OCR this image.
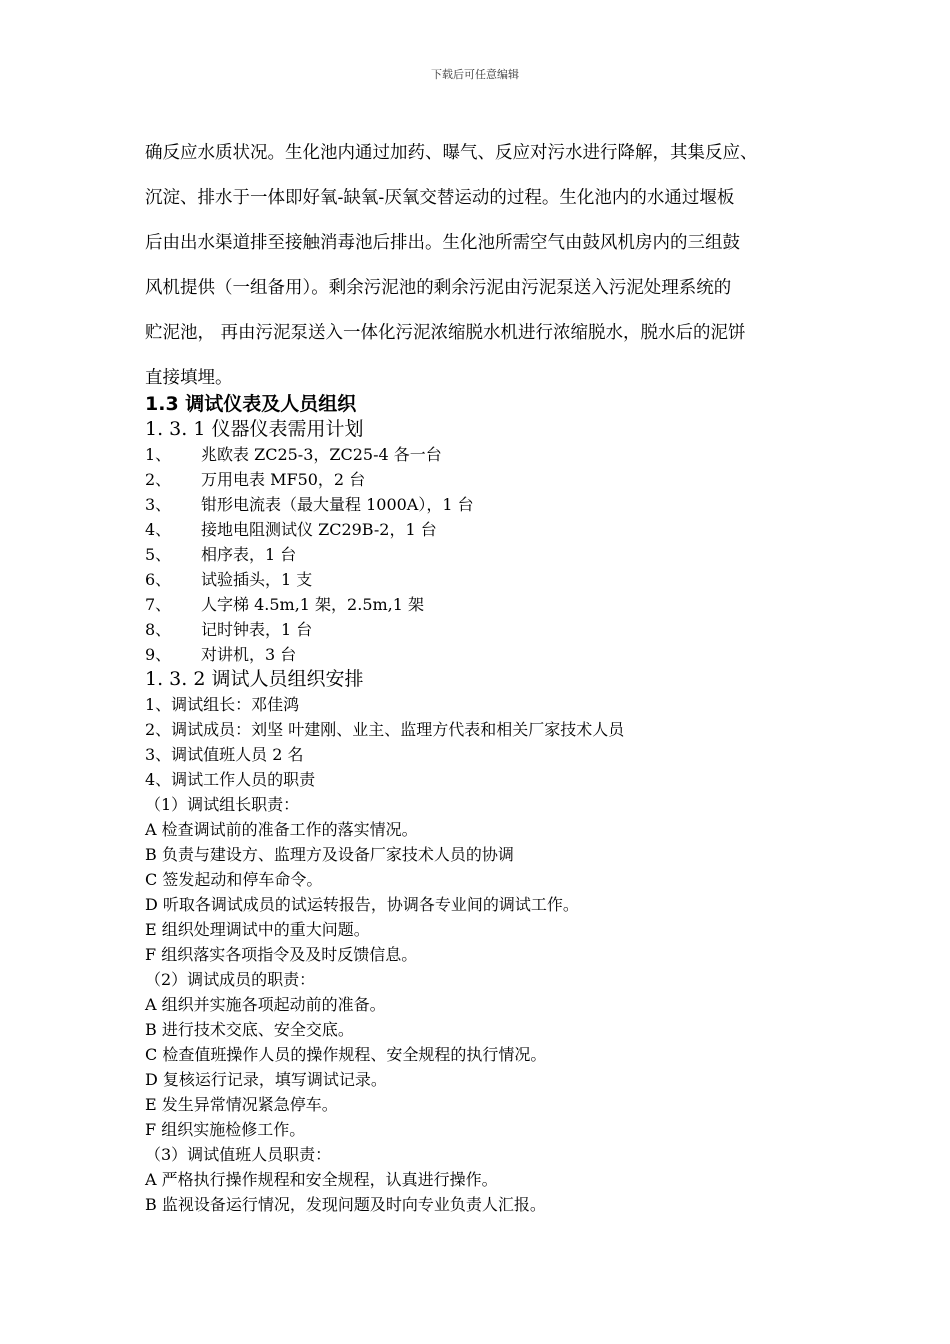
下载后可任意编辑
确反应水质状况。生化池内通过加药、曝气、反应对污水进行降解，其集反应、
沉淀、排水于一体即好氧-缺氧-厌氧交替运动的过程。生化池内的水通过堰板
后由出水渠道排至接触消毒池后排出。生化池所需空气由鼓风机房内的三组鼓
风机提供（一组备用）。剩余污泥池的剩余污泥由污泥泵送入污泥处理系统的
贮泥池， 再由污泥泵送入一体化污泥浓缩脱水机进行浓缩脱水，脱水后的泥饼
直接填埋。
1.3 调试仪表及人员组织
1. 3. 1 仪器仪表需用计划
1、 兆欧表 ZC25-3，ZC25-4 各一台
2、 万用电表 MF50，2 台
3、 钳形电流表（最大量程 1000A），1 台
4、 接地电阻测试仪 ZC29B-2，1 台
5、 相序表，1 台
6、 试验插头，1 支
7、 人字梯 4.5m,1 架，2.5m,1 架
8、 记时钟表，1 台
9、 对讲机，3 台
1. 3. 2 调试人员组织安排
1、调试组长：邓佳鸿
2、调试成员：刘坚 叶建刚、业主、监理方代表和相关厂家技术人员
3、调试值班人员 2 名
4、调试工作人员的职责
（1）调试组长职责：
A 检查调试前的准备工作的落实情况。
B 负责与建设方、监理方及设备厂家技术人员的协调
C 签发起动和停车命令。
D 听取各调试成员的试运转报告，协调各专业间的调试工作。
E 组织处理调试中的重大问题。
F 组织落实各项指令及及时反馈信息。
（2）调试成员的职责：
A 组织并实施各项起动前的准备。
B 进行技术交底、安全交底。
C 检查值班操作人员的操作规程、安全规程的执行情况。
D 复核运行记录，填写调试记录。
E 发生异常情况紧急停车。
F 组织实施检修工作。
（3）调试值班人员职责：
A 严格执行操作规程和安全规程，认真进行操作。
B 监视设备运行情况，发现问题及时向专业负责人汇报。
